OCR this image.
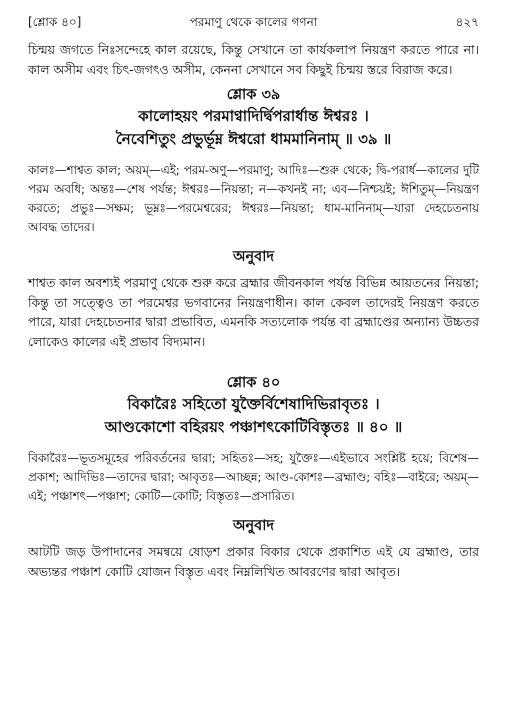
[শ্লোক ৪০]	পরমাণু থেকে কালের গণনা	৪২৭

চিন্ময় জগতে নিঃসন্দেহে কাল রয়েছে, কিন্তু সেখানে তা কার্যকলাপ নিয়ন্ত্রণ করতে পারে না। কাল অসীম এবং চিৎ-জগৎও অসীম, কেননা সেখানে সব কিছুই চিন্ময় স্তরে বিরাজ করে।

শ্লোক ৩৯

কালোহয়ং পরমাণ্বাদির্দ্বিপরার্ধান্ত ঈশ্বরঃ ।

নৈবেশিতুং প্রভুর্ভূম্ন ঈশ্বরো ধামমানিনাম্ ॥ ৩৯ ॥

কালঃ—শাশ্বত কাল; অয়ম্—এই; পরম-অণু—পরমাণু; আদিঃ—শুরু থেকে; দ্বি-পরার্ধ—কালের দুটি পরম অবধি; অন্তঃ—শেষ পর্যন্ত; ঈশ্বরঃ—নিয়ন্তা; ন—কখনই না; এব—নিশ্চয়ই; ঈশিতুম্—নিয়ন্ত্রণ করতে; প্রভুঃ—সক্ষম; ভূম্নঃ—পরমেশ্বরের; ঈশ্বরঃ—নিয়ন্তা; ধাম-মানিনাম্—যারা দেহচেতনায় আবদ্ধ তাদের।

অনুবাদ

শাশ্বত কাল অবশ্যই পরমাণু থেকে শুরু করে ব্রহ্মার জীবনকাল পর্যন্ত বিভিন্ন আয়তনের নিয়ন্তা; কিন্তু তা সত্ত্বেও তা পরমেশ্বর ভগবানের নিয়ন্ত্রণাধীন। কাল কেবল তাদেরই নিয়ন্ত্রণ করতে পারে, যারা দেহচেতনার দ্বারা প্রভাবিত, এমনকি সত্যলোক পর্যন্ত বা ব্রহ্মাণ্ডের অন্যান্য উচ্চতর লোকেও কালের এই প্রভাব বিদ্যমান।

শ্লোক ৪০

বিকারৈঃ সহিতো যুক্তৈর্বিশেষাদিভিরাবৃতঃ ।

আণ্ডকোশো বহিরয়ং পঞ্চাশৎকোটিবিস্তৃতঃ ॥ ৪০ ॥

বিকারৈঃ—ভূতসমূহের পরিবর্তনের দ্বারা; সহিতঃ—সহ; যুক্তৈঃ—এইভাবে সংশ্লিষ্ট হয়ে; বিশেষ—প্রকাশ; আদিভিঃ—তাদের দ্বারা; আবৃতঃ—আচ্ছন্ন; আণ্ড-কোশঃ—ব্রহ্মাণ্ড; বহিঃ—বাইরে; অয়ম্—এই; পঞ্চাশৎ—পঞ্চাশ; কোটি—কোটি; বিস্তৃতঃ—প্রসারিত।

অনুবাদ

আটটি জড় উপাদানের সমন্বয়ে ষোড়শ প্রকার বিকার থেকে প্রকাশিত এই যে ব্রহ্মাণ্ড, তার অভ্যন্তর পঞ্চাশ কোটি যোজন বিস্তৃত এবং নিম্নলিখিত আবরণের দ্বারা আবৃত।
